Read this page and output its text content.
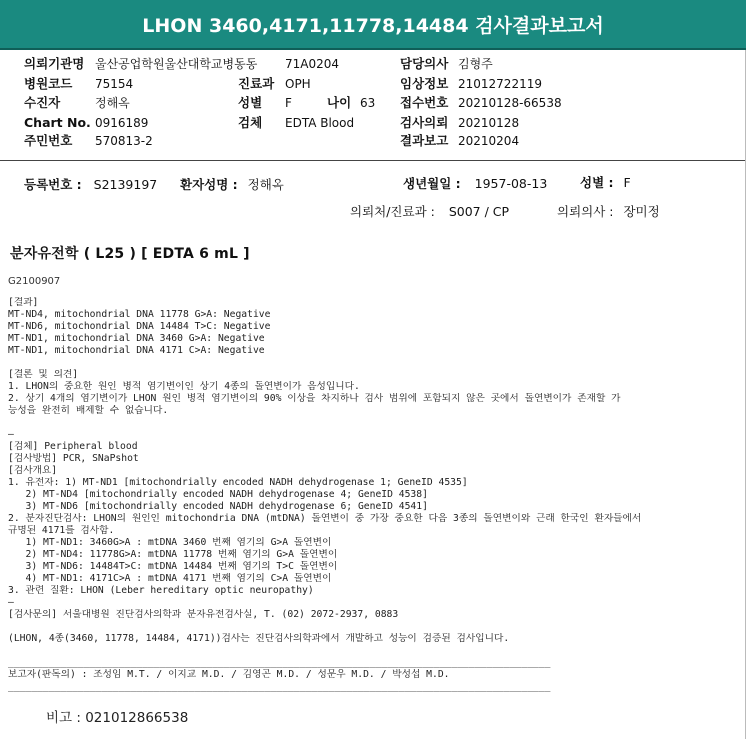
LHON 3460,4171,11778,14484 검사결과보고서
의뢰기관명 울산공업학원울산대학교병동동 71A0204	담당의사 김형주
병원코드 75154	진료과 OPH	임상정보 21012722119
수진자	정해옥	성별 F	나이 63 접수번호 20210128-66538
Chart No. 0916189	검체 EDTA Blood	검사의뢰 20210128
주민번호 570813-2	결과보고 20210204
등록번호 : S2139197 환자성명 : 정해옥	생년월일 : 1957-08-13	성별 : F
의뢰처/진료과 : S007 / CP	의뢰의사 : 장미정
분자유전학 ( L25 ) [ EDTA 6 mL ]
G2100907
[결과]
MT-ND4, mitochondrial DNA 11778 G>A: Negative
MT-ND6, mitochondrial DNA 14484 T>C: Negative
MT-ND1, mitochondrial DNA 3460 G>A: Negative
MT-ND1, mitochondrial DNA 4171 C>A: Negative
[결론 및 의견]
1. LHON의 중요한 원인 병적 염기변이인 상기 4종의 돌연변이가 음성입니다.
2. 상기 4개의 염기변이가 LHON 원인 병적 염기변이의 90% 이상을 차지하나 검사 범위에 포함되지 않은 곳에서 돌연변이가 존재할 가
능성을 완전히 배제할 수 없습니다.
—
[검체] Peripheral blood
[검사방법] PCR, SNaPshot
[검사개요]
1. 유전자: 1) MT-ND1 [mitochondrially encoded NADH dehydrogenase 1; GeneID 4535]
2) MT-ND4 [mitochondrially encoded NADH dehydrogenase 4; GeneID 4538]
3) MT-ND6 [mitochondrially encoded NADH dehydrogenase 6; GeneID 4541]
2. 분자진단검사: LHON의 원인인 mitochondria DNA (mtDNA) 돌연변이 중 가장 중요한 다음 3종의 돌연변이와 근래 한국인 환자들에서
규명된 4171를 검사함.
1) MT-ND1: 3460G>A : mtDNA 3460 번째 염기의 G>A 돌연변이
2) MT-ND4: 11778G>A: mtDNA 11778 번째 염기의 G>A 돌연변이
3) MT-ND6: 14484T>C: mtDNA 14484 번째 염기의 T>C 돌연변이
4) MT-ND1: 4171C>A : mtDNA 4171 번째 염기의 C>A 돌연변이
3. 관련 질환: LHON (Leber hereditary optic neuropathy)
—
[검사문의] 서울대병원 진단검사의학과 분자유전검사실, T. (02) 2072-2937, 0883
(LHON, 4종(3460, 11778, 14484, 4171))검사는 진단검사의학과에서 개발하고 성능이 검증된 검사입니다.
_____________________________________________________________________________________________
보고자(판독의) : 조성임 M.T. / 이지교 M.D. / 김영곤 M.D. / 성문우 M.D. / 박성섭 M.D.
_____________________________________________________________________________________________
비고 : 021012866538
